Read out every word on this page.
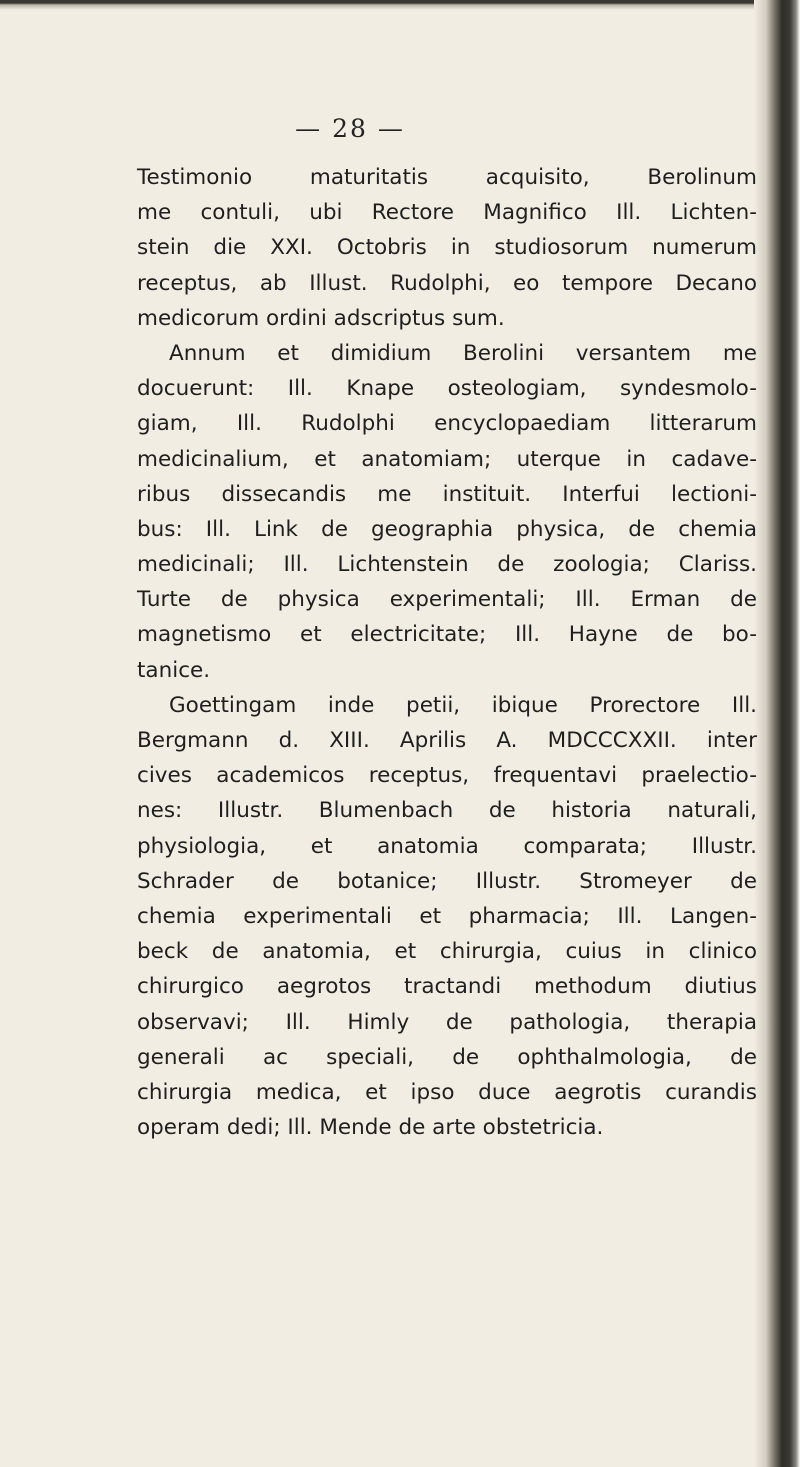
— 28 —
Testimonio maturitatis acquisito, Berolinum
me contuli, ubi Rectore Magnifico Ill. Lichten-
stein die XXI. Octobris in studiosorum numerum
receptus, ab Illust. Rudolphi, eo tempore Decano
medicorum ordini adscriptus sum.
Annum et dimidium Berolini versantem me
docuerunt: Ill. Knape osteologiam, syndesmolo-
giam, Ill. Rudolphi encyclopaediam litterarum
medicinalium, et anatomiam; uterque in cadave-
ribus dissecandis me instituit. Interfui lectioni-
bus: Ill. Link de geographia physica, de chemia
medicinali; Ill. Lichtenstein de zoologia; Clariss.
Turte de physica experimentali; Ill. Erman de
magnetismo et electricitate; Ill. Hayne de bo-
tanice.
Goettingam inde petii, ibique Prorectore Ill.
Bergmann d. XIII. Aprilis A. MDCCCXXII. inter
cives academicos receptus, frequentavi praelectio-
nes: Illustr. Blumenbach de historia naturali,
physiologia, et anatomia comparata; Illustr.
Schrader de botanice; Illustr. Stromeyer de
chemia experimentali et pharmacia; Ill. Langen-
beck de anatomia, et chirurgia, cuius in clinico
chirurgico aegrotos tractandi methodum diutius
observavi; Ill. Himly de pathologia, therapia
generali ac speciali, de ophthalmologia, de
chirurgia medica, et ipso duce aegrotis curandis
operam dedi; Ill. Mende de arte obstetricia.
